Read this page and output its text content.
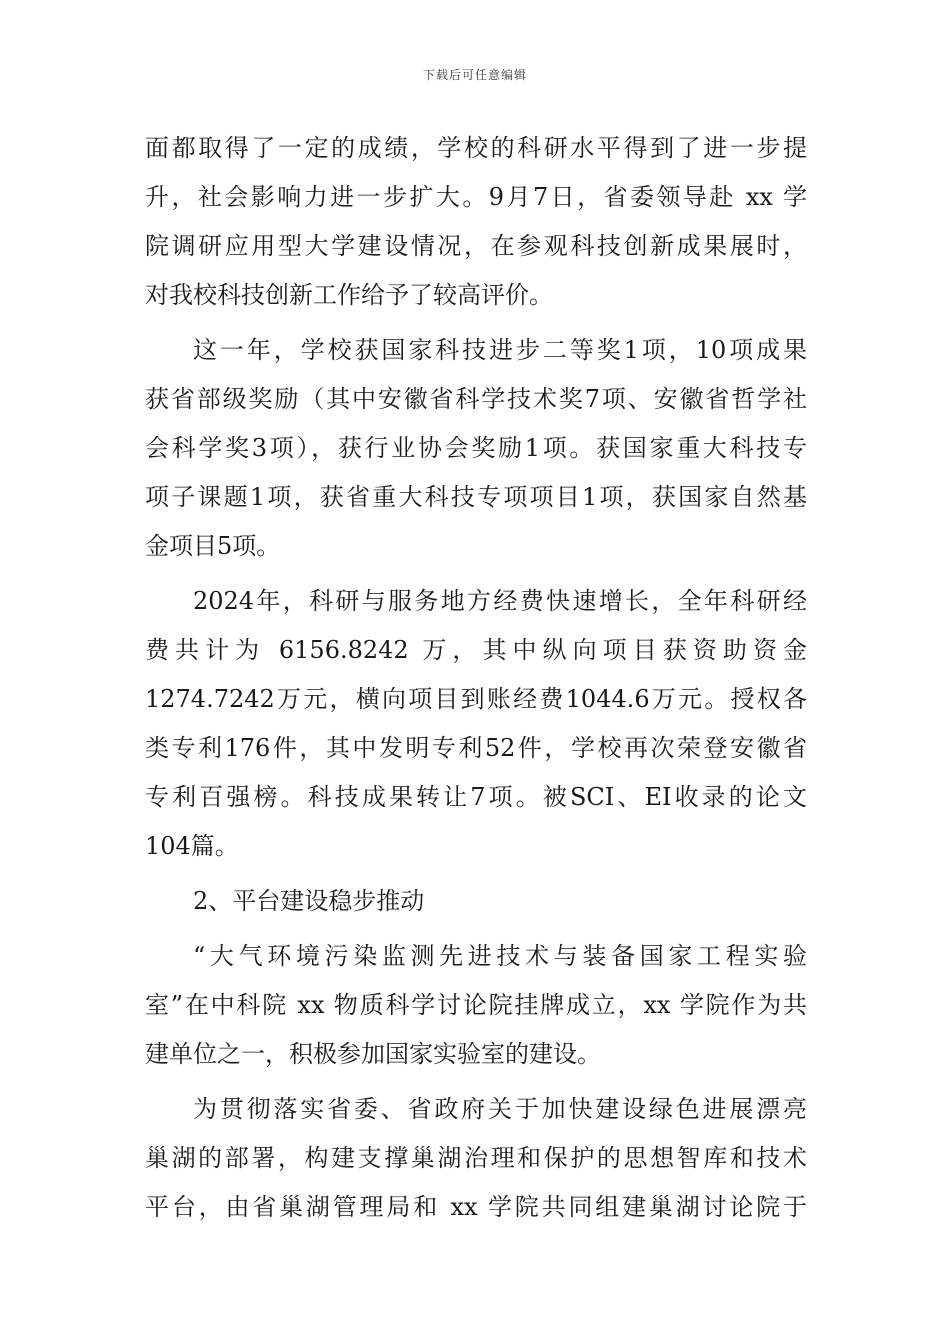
下载后可任意编辑
面都取得了一定的成绩，学校的科研水平得到了进一步提
升，社会影响力进一步扩大。9月7日，省委领导赴 xx 学
院调研应用型大学建设情况，在参观科技创新成果展时，
对我校科技创新工作给予了较高评价。
这一年，学校获国家科技进步二等奖1项，10项成果
获省部级奖励（其中安徽省科学技术奖7项、安徽省哲学社
会科学奖3项），获行业协会奖励1项。获国家重大科技专
项子课题1项，获省重大科技专项项目1项，获国家自然基
金项目5项。
2024年，科研与服务地方经费快速增长，全年科研经
费共计为 6156.8242 万，其中纵向项目获资助资金
1274.7242万元，横向项目到账经费1044.6万元。授权各
类专利176件，其中发明专利52件，学校再次荣登安徽省
专利百强榜。科技成果转让7项。被SCI、EI收录的论文
104篇。
2、平台建设稳步推动
“大气环境污染监测先进技术与装备国家工程实验
室”在中科院 xx 物质科学讨论院挂牌成立，xx 学院作为共
建单位之一，积极参加国家实验室的建设。
为贯彻落实省委、省政府关于加快建设绿色进展漂亮
巢湖的部署，构建支撑巢湖治理和保护的思想智库和技术
平台，由省巢湖管理局和 xx 学院共同组建巢湖讨论院于
